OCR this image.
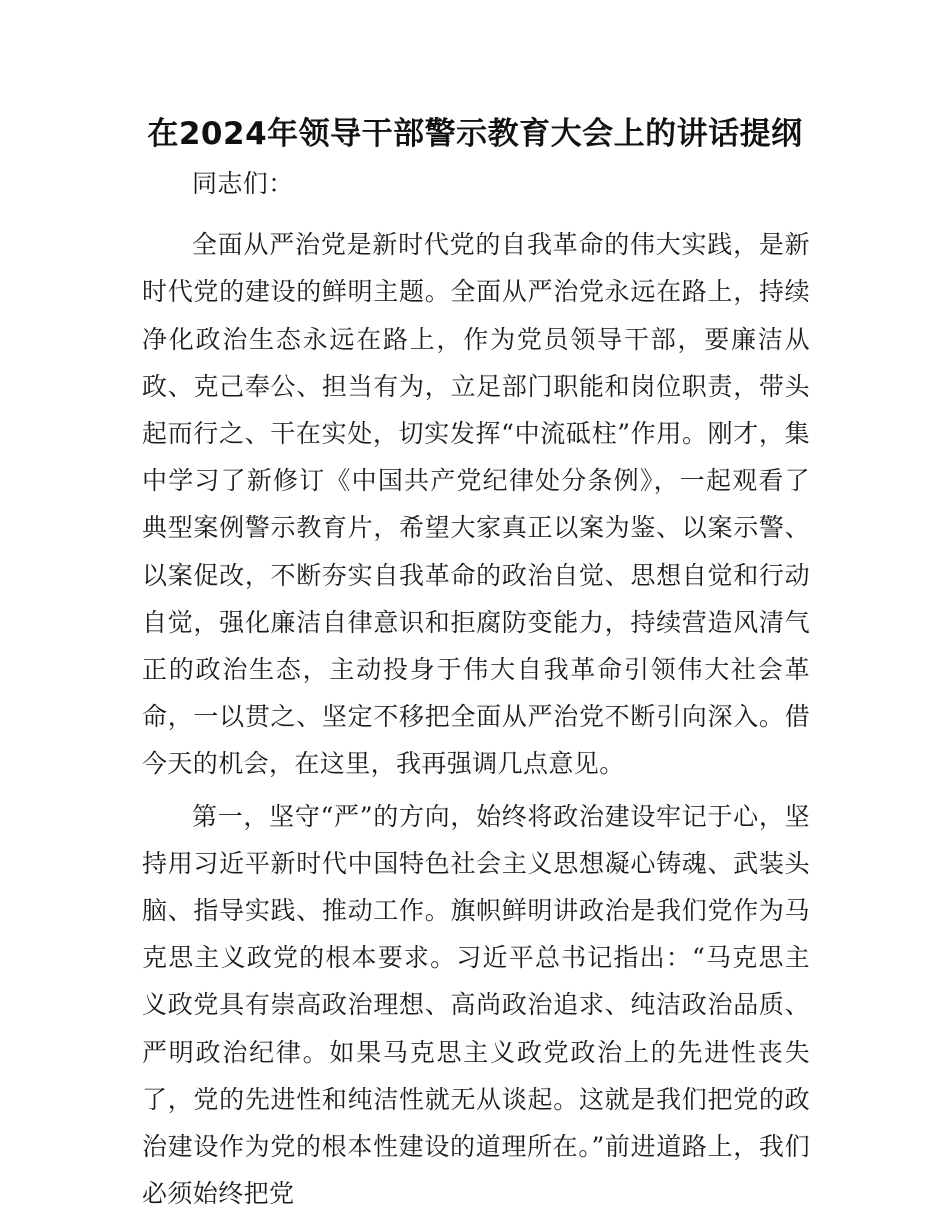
在2024年领导干部警示教育大会上的讲话提纲

同志们：

全面从严治党是新时代党的自我革命的伟大实践，是新时代党的建设的鲜明主题。全面从严治党永远在路上，持续净化政治生态永远在路上，作为党员领导干部，要廉洁从政、克己奉公、担当有为，立足部门职能和岗位职责，带头起而行之、干在实处，切实发挥“中流砥柱”作用。刚才，集中学习了新修订《中国共产党纪律处分条例》，一起观看了典型案例警示教育片，希望大家真正以案为鉴、以案示警、以案促改，不断夯实自我革命的政治自觉、思想自觉和行动自觉，强化廉洁自律意识和拒腐防变能力，持续营造风清气正的政治生态，主动投身于伟大自我革命引领伟大社会革命，一以贯之、坚定不移把全面从严治党不断引向深入。借今天的机会，在这里，我再强调几点意见。

第一，坚守“严”的方向，始终将政治建设牢记于心，坚持用习近平新时代中国特色社会主义思想凝心铸魂、武装头脑、指导实践、推动工作。旗帜鲜明讲政治是我们党作为马克思主义政党的根本要求。习近平总书记指出：“马克思主义政党具有崇高政治理想、高尚政治追求、纯洁政治品质、严明政治纪律。如果马克思主义政党政治上的先进性丧失了，党的先进性和纯洁性就无从谈起。这就是我们把党的政治建设作为党的根本性建设的道理所在。”前进道路上，我们必须始终把党
